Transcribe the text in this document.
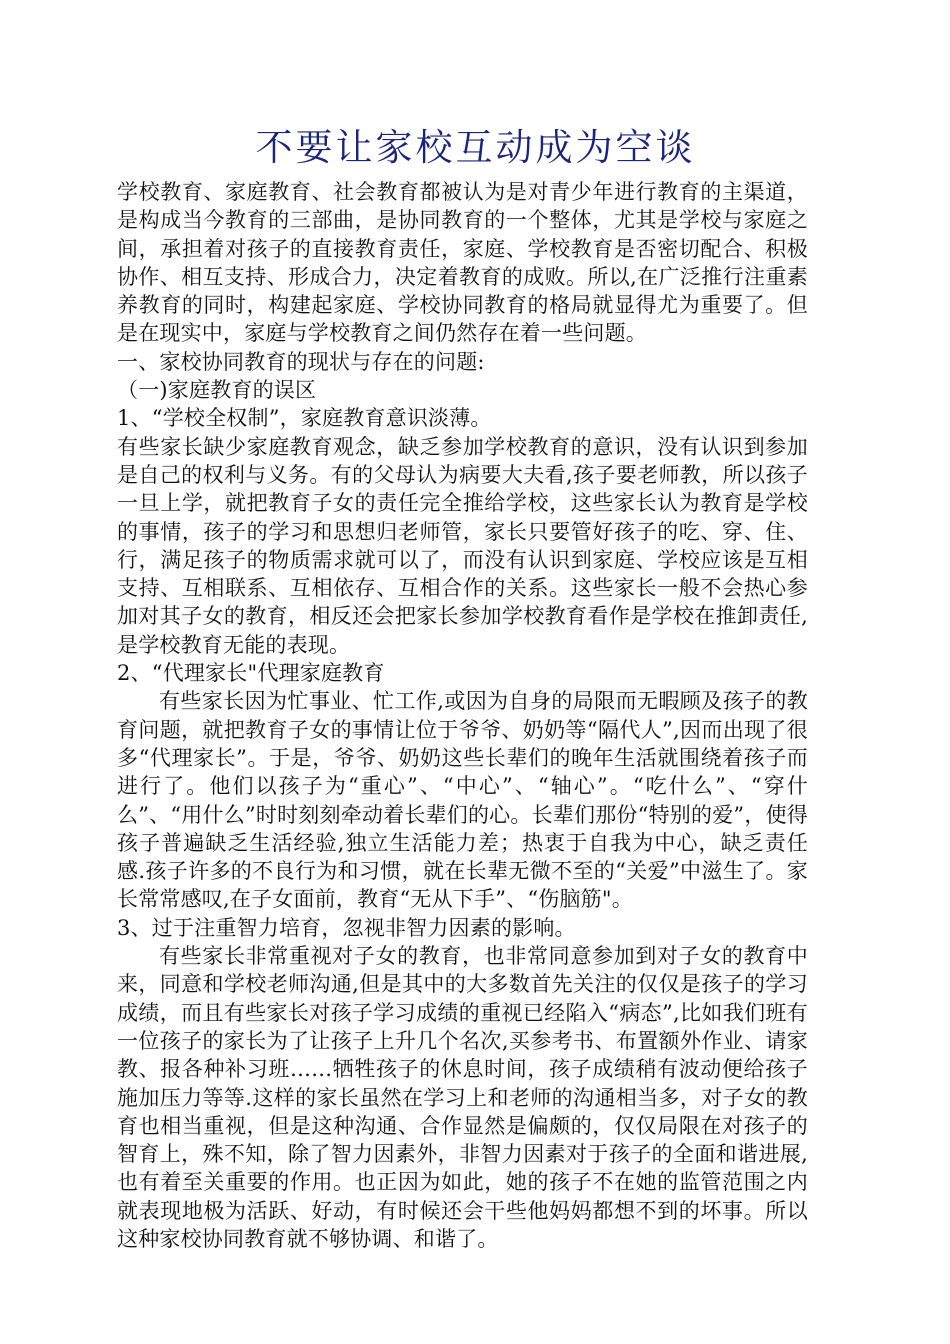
不要让家校互动成为空谈

学校教育、家庭教育、社会教育都被认为是对青少年进行教育的主渠道，是构成当今教育的三部曲，是协同教育的一个整体，尤其是学校与家庭之间，承担着对孩子的直接教育责任，家庭、学校教育是否密切配合、积极协作、相互支持、形成合力，决定着教育的成败。所以,在广泛推行注重素养教育的同时，构建起家庭、学校协同教育的格局就显得尤为重要了。但是在现实中，家庭与学校教育之间仍然存在着一些问题。

一、家校协同教育的现状与存在的问题:

（一)家庭教育的误区

1、“学校全权制”，家庭教育意识淡薄。

有些家长缺少家庭教育观念，缺乏参加学校教育的意识，没有认识到参加是自己的权利与义务。有的父母认为病要大夫看,孩子要老师教，所以孩子一旦上学，就把教育子女的责任完全推给学校，这些家长认为教育是学校的事情，孩子的学习和思想归老师管，家长只要管好孩子的吃、穿、住、行，满足孩子的物质需求就可以了，而没有认识到家庭、学校应该是互相支持、互相联系、互相依存、互相合作的关系。这些家长一般不会热心参加对其子女的教育，相反还会把家长参加学校教育看作是学校在推卸责任,是学校教育无能的表现。

2、“代理家长"代理家庭教育

有些家长因为忙事业、忙工作,或因为自身的局限而无暇顾及孩子的教育问题，就把教育子女的事情让位于爷爷、奶奶等“隔代人”,因而出现了很多“代理家长”。于是，爷爷、奶奶这些长辈们的晚年生活就围绕着孩子而进行了。他们以孩子为“重心”、“中心”、“轴心”。“吃什么”、“穿什么”、“用什么”时时刻刻牵动着长辈们的心。长辈们那份“特别的爱”，使得孩子普遍缺乏生活经验,独立生活能力差；热衷于自我为中心，缺乏责任感.孩子许多的不良行为和习惯，就在长辈无微不至的“关爱”中滋生了。家长常常感叹,在子女面前，教育“无从下手”、“伤脑筋"。

3、过于注重智力培育，忽视非智力因素的影响。

有些家长非常重视对子女的教育，也非常同意参加到对子女的教育中来，同意和学校老师沟通,但是其中的大多数首先关注的仅仅是孩子的学习成绩，而且有些家长对孩子学习成绩的重视已经陷入“病态”,比如我们班有一位孩子的家长为了让孩子上升几个名次,买参考书、布置额外作业、请家教、报各种补习班……牺牲孩子的休息时间，孩子成绩稍有波动便给孩子施加压力等等.这样的家长虽然在学习上和老师的沟通相当多，对子女的教育也相当重视，但是这种沟通、合作显然是偏颇的，仅仅局限在对孩子的智育上，殊不知，除了智力因素外，非智力因素对于孩子的全面和谐进展,也有着至关重要的作用。也正因为如此，她的孩子不在她的监管范围之内就表现地极为活跃、好动，有时候还会干些他妈妈都想不到的坏事。所以这种家校协同教育就不够协调、和谐了。
